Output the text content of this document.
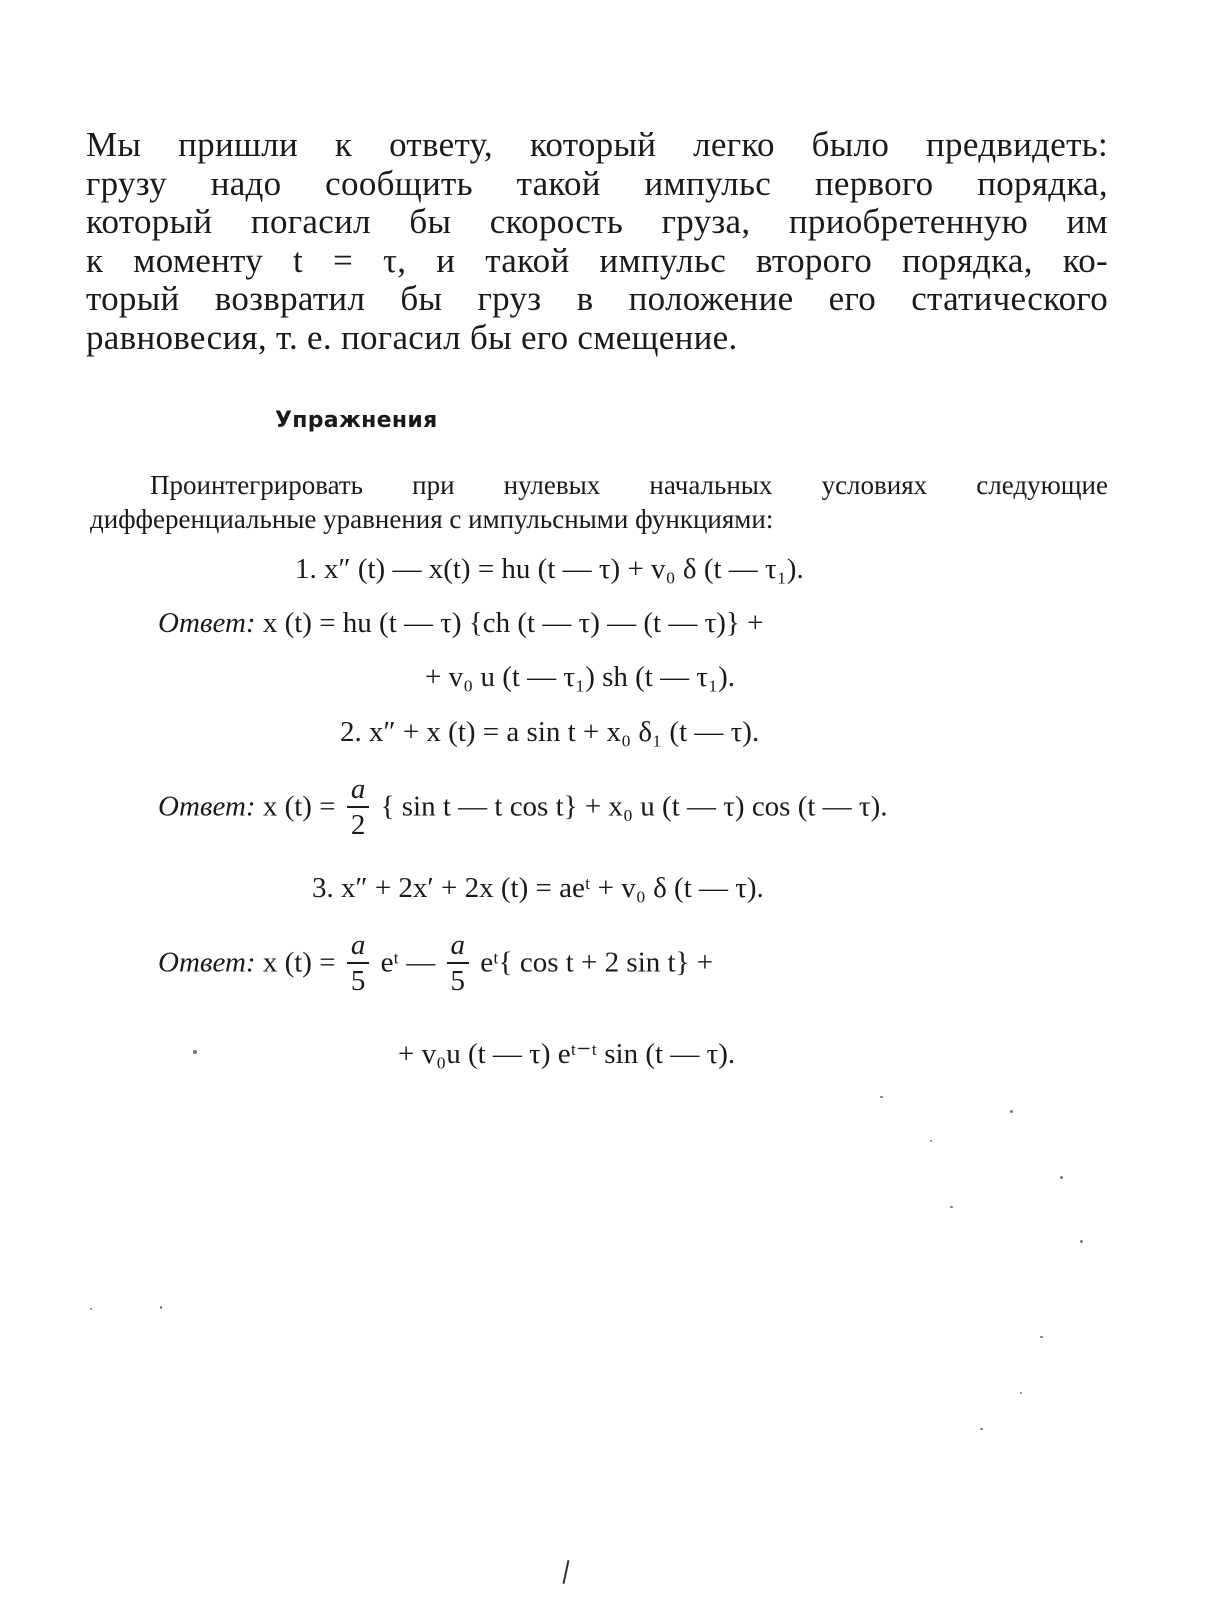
Мы пришли к ответу, который легко было предвидеть:
грузу надо сообщить такой импульс первого порядка,
который погасил бы скорость груза, приобретенную им
к моменту t = τ, и такой импульс второго порядка, ко-
торый возвратил бы груз в положение его статического
равновесия, т. е. погасил бы его смещение.
Упражнения
Проинтегрировать при нулевых начальных условиях следующие
дифференциальные уравнения с импульсными функциями:
1. x″ (t) — x(t) = hu (t — τ) + v₀ δ (t — τ₁).
Ответ: x (t) = hu (t — τ) {ch (t — τ) — (t — τ)} +
+ v₀ u (t — τ₁) sh (t — τ₁).
2. x″ + x (t) = a sin t + x₀ δ₁ (t — τ).
Ответ: x $(t) = \frac{a}{2}$ { sin t — t cos t} + x₀ u (t — τ) cos (t — τ).
3. x″ + 2x′ + 2x (t) = aeᵗ + v₀ δ (t — τ).
Ответ: x $(t) = \frac{a}{5}$ eᵗ — $\frac{a}{5}$ eᵗ{ cos t + 2 sin t} +
+ v₀u (t — τ) eᵗ⁻ᵗ sin (t — τ).
